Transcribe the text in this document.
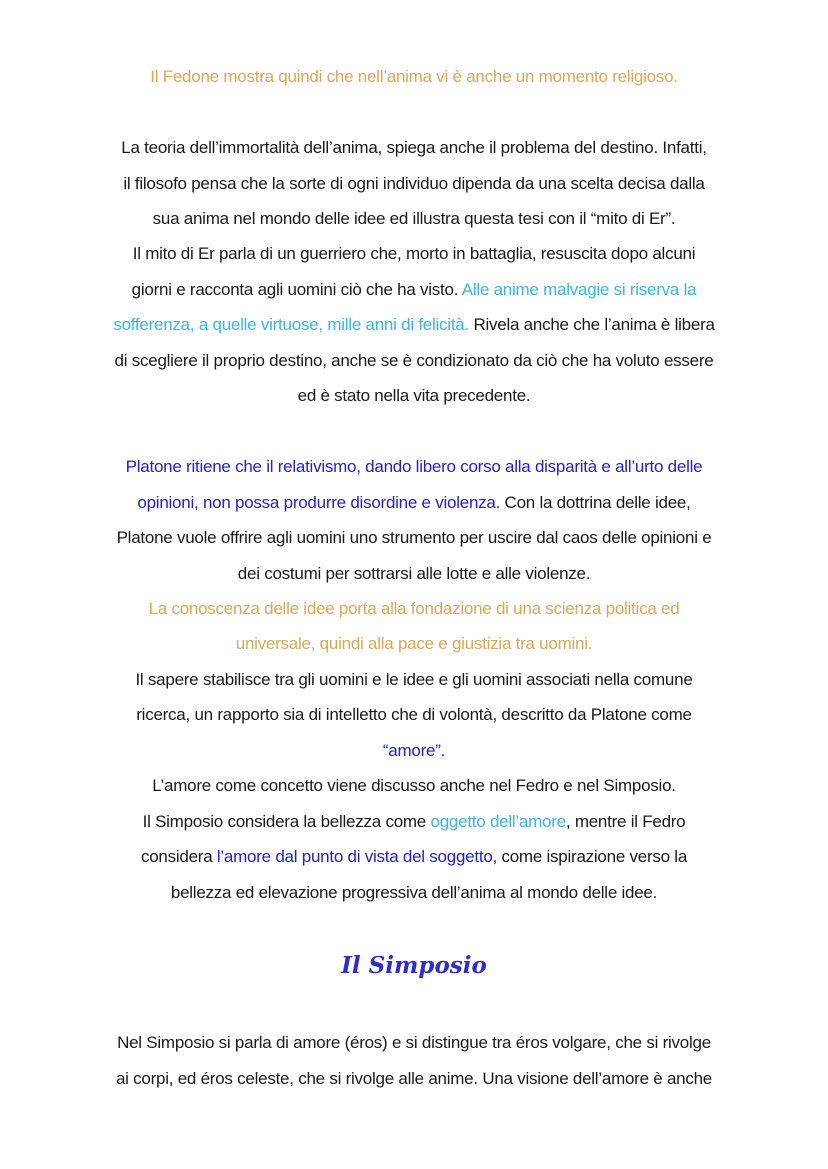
Il Fedone mostra quindi che nell’anima vi è anche un momento religioso.
La teoria dell’immortalità dell’anima, spiega anche il problema del destino. Infatti,
il filosofo pensa che la sorte di ogni individuo dipenda da una scelta decisa dalla
sua anima nel mondo delle idee ed illustra questa tesi con il “mito di Er”.
Il mito di Er parla di un guerriero che, morto in battaglia, resuscita dopo alcuni
giorni e racconta agli uomini ciò che ha visto. Alle anime malvagie si riserva la
sofferenza, a quelle virtuose, mille anni di felicità. Rivela anche che l’anima è libera
di scegliere il proprio destino, anche se è condizionato da ciò che ha voluto essere
ed è stato nella vita precedente.
Platone ritiene che il relativismo, dando libero corso alla disparità e all’urto delle
opinioni, non possa produrre disordine e violenza. Con la dottrina delle idee,
Platone vuole offrire agli uomini uno strumento per uscire dal caos delle opinioni e
dei costumi per sottrarsi alle lotte e alle violenze.
La conoscenza delle idee porta alla fondazione di una scienza politica ed
universale, quindi alla pace e giustizia tra uomini.
Il sapere stabilisce tra gli uomini e le idee e gli uomini associati nella comune
ricerca, un rapporto sia di intelletto che di volontà, descritto da Platone come
“amore”.
L’amore come concetto viene discusso anche nel Fedro e nel Simposio.
Il Simposio considera la bellezza come oggetto dell’amore, mentre il Fedro
considera l’amore dal punto di vista del soggetto, come ispirazione verso la
bellezza ed elevazione progressiva dell’anima al mondo delle idee.
Il Simposio
Nel Simposio si parla di amore (éros) e si distingue tra éros volgare, che si rivolge
ai corpi, ed éros celeste, che si rivolge alle anime. Una visione dell’amore è anche
